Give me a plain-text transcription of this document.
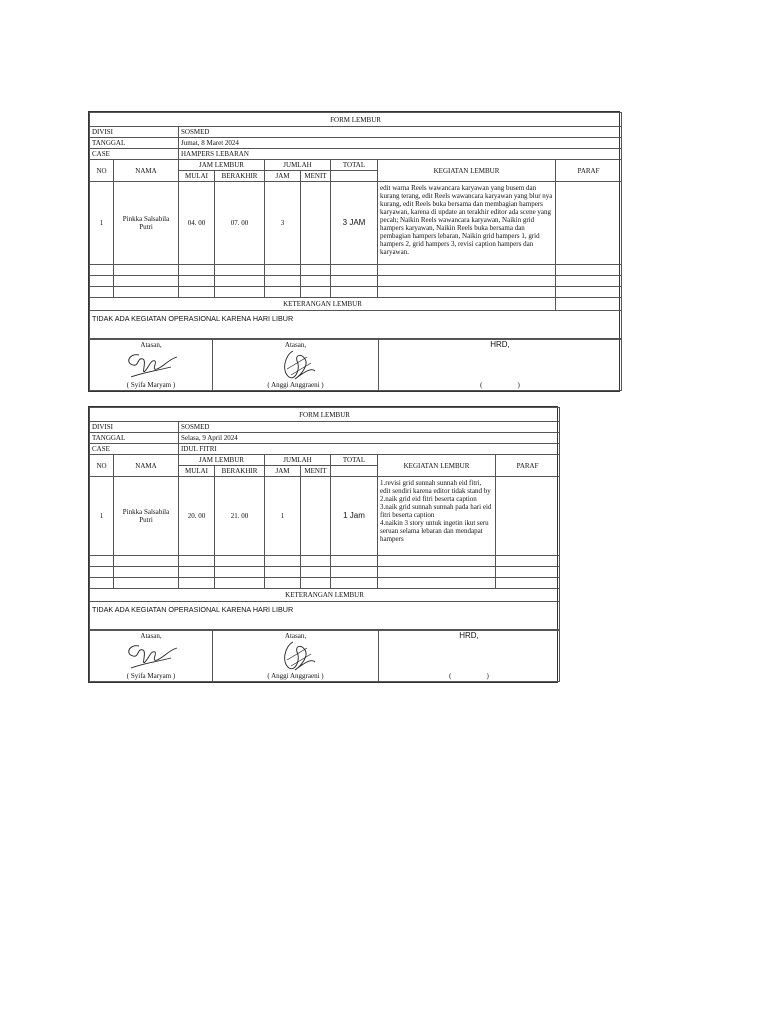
FORM LEMBUR								
DIVISI		SOSMED						
TANGGAL		Jumat, 8 Maret 2024						
CASE		HAMPERS LEBARAN						
NO	NAMA	JAM LEMBUR		JUMLAH		TOTAL	KEGIATAN LEMBUR	PARAF
		MULAI	BERAKHIR	JAM	MENIT			
1	Pinkka Salsabila Putri	04. 00	07. 00	3		3 JAM	edit warna Reels wawancara karyawan yang busem dan kurang terang, edit Reels wawancara karyawan yang blur nya kurang, edit Reels buka bersama dan membagian hampers karyawan, karena di update an terakhir editor ada scene yang pecah; Naikin Reels wawancara karyawan, Naikin grid hampers karyawan, Naikin Reels buka bersama dan pembagian hampers lebaran, Naikin grid hampers 1, grid hampers 2, grid hampers 3, revisi caption hampers dan karyawan.	

KETERANGAN LEMBUR								
TIDAK ADA KEGIATAN OPERASIONAL KARENA HARI LIBUR								
Atasan,
( Syifa Maryam )

Atasan,
( Anggi Anggraeni )

HRD,
(                    )
FORM LEMBUR								
DIVISI		SOSMED						
TANGGAL		Selasa, 9 April 2024						
CASE		IDUL FITRI						
NO	NAMA	JAM LEMBUR		JUMLAH		TOTAL	KEGIATAN LEMBUR	PARAF
		MULAI	BERAKHIR	JAM	MENIT			
1	Pinkka Salsabila Putri	20. 00	21. 00	1		1 Jam	1.revisi grid sunnah sunnah eid fitri, edit sendiri karena editor tidak stand by
2.naik grid eid fitri beserta caption
3.naik grid sunnah sunnah pada hari eid fitri beserta caption
4.naikin 3 story untuk ingetin ikut seru seruan selama lebaran dan mendapat hampers	

KETERANGAN LEMBUR								
TIDAK ADA KEGIATAN OPERASIONAL KARENA HARI LIBUR								
Atasan,
( Syifa Maryam )

Atasan,
( Anggi Anggraeni )

HRD,
(                    )
